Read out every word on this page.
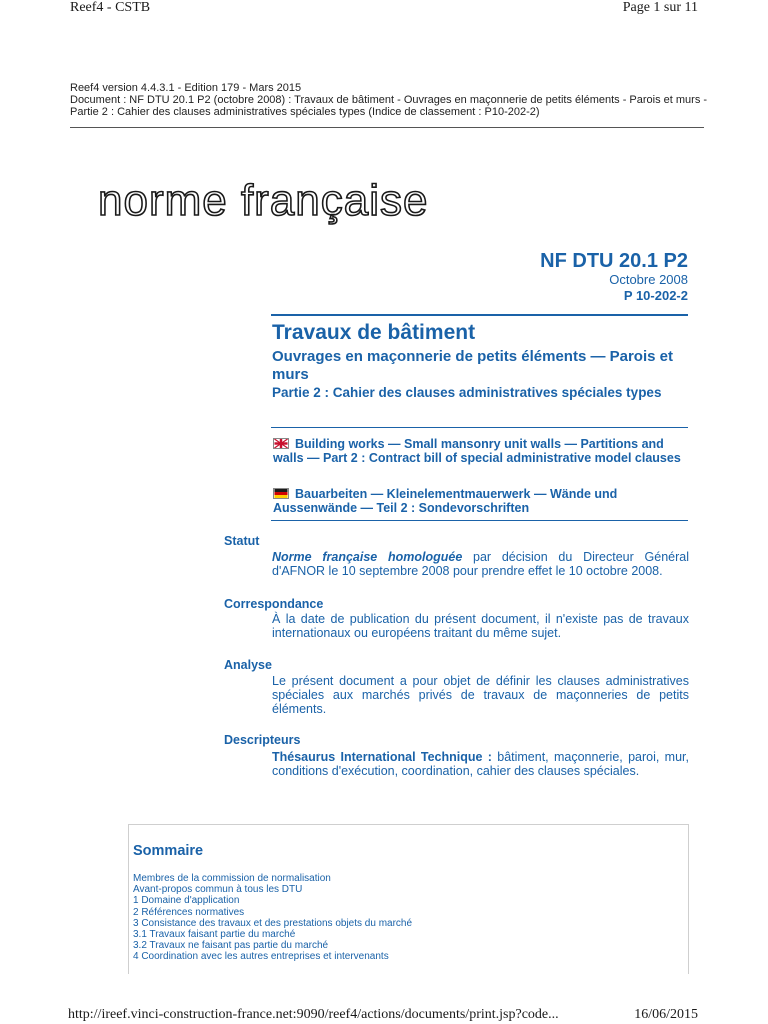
Reef4 - CSTB	Page 1 sur 11
Reef4 version 4.4.3.1 - Edition 179 - Mars 2015
Document : NF DTU 20.1 P2 (octobre 2008) : Travaux de bâtiment - Ouvrages en maçonnerie de petits éléments - Parois et murs - Partie 2 : Cahier des clauses administratives spéciales types (Indice de classement : P10-202-2)
norme française
NF DTU 20.1 P2
Octobre 2008
P 10-202-2
Travaux de bâtiment
Ouvrages en maçonnerie de petits éléments — Parois et murs
Partie 2 : Cahier des clauses administratives spéciales types
Building works — Small mansonry unit walls — Partitions and walls — Part 2 : Contract bill of special administrative model clauses
Bauarbeiten — Kleinelementmauerwerk — Wände und Aussenwände — Teil 2 : Sondevorschriften
Statut
Norme française homologuée par décision du Directeur Général d'AFNOR le 10 septembre 2008 pour prendre effet le 10 octobre 2008.
Correspondance
À la date de publication du présent document, il n'existe pas de travaux internationaux ou européens traitant du même sujet.
Analyse
Le présent document a pour objet de définir les clauses administratives spéciales aux marchés privés de travaux de maçonneries de petits éléments.
Descripteurs
Thésaurus International Technique : bâtiment, maçonnerie, paroi, mur, conditions d'exécution, coordination, cahier des clauses spéciales.
Sommaire
Membres de la commission de normalisation
Avant-propos commun à tous les DTU
1 Domaine d'application
2 Références normatives
3 Consistance des travaux et des prestations objets du marché
3.1 Travaux faisant partie du marché
3.2 Travaux ne faisant pas partie du marché
4 Coordination avec les autres entreprises et intervenants
http://ireef.vinci-construction-france.net:9090/reef4/actions/documents/print.jsp?code...	16/06/2015
